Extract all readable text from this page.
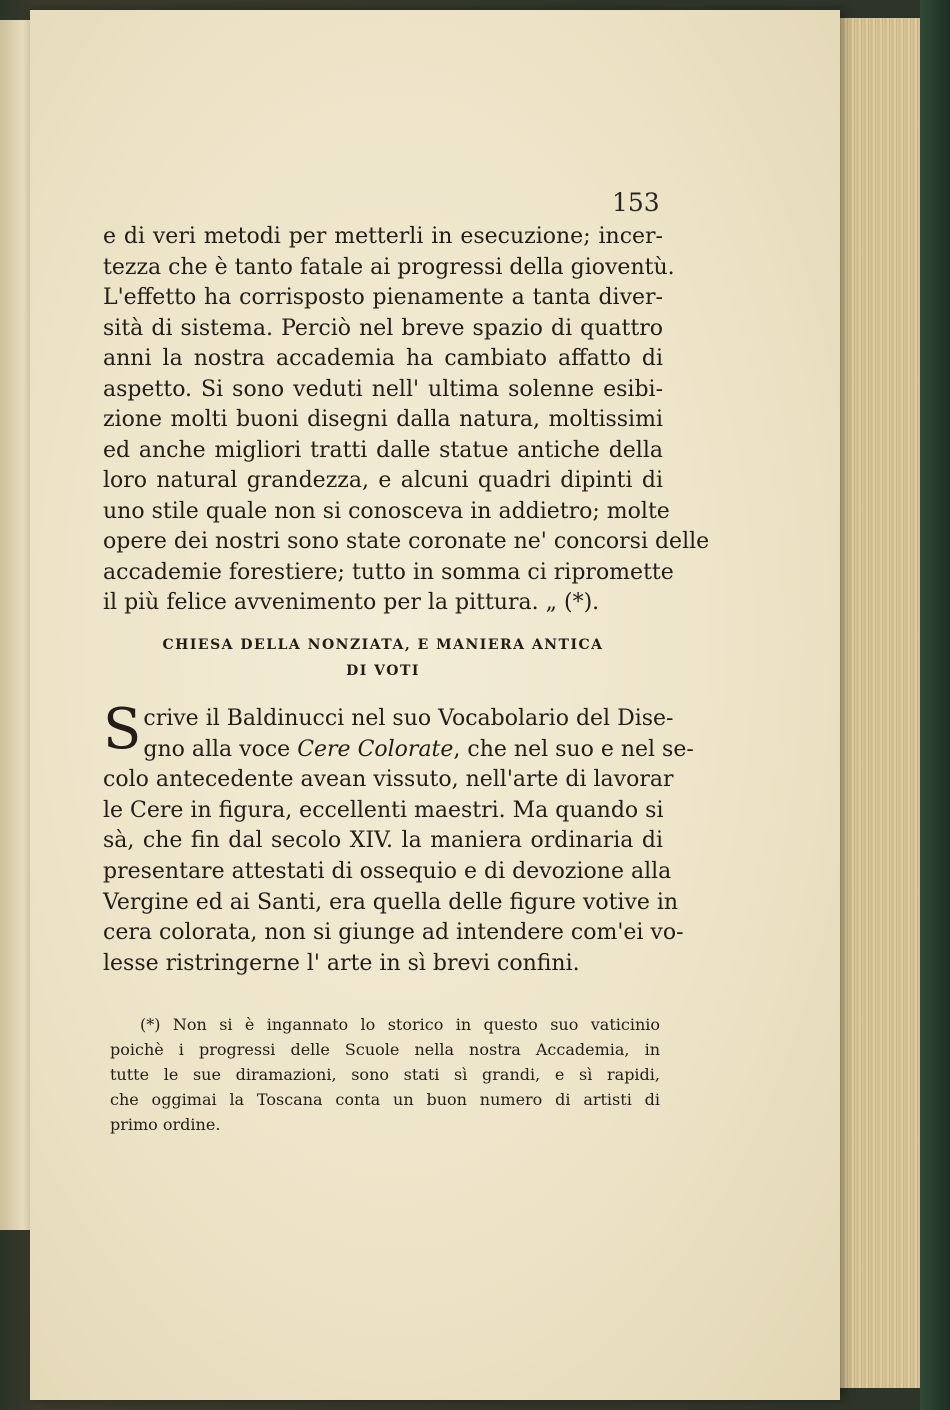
153
e di veri metodi per metterli in esecuzione; incer-
tezza che è tanto fatale ai progressi della gioventù.
L'effetto ha corrisposto pienamente a tanta diver-
sità di sistema. Perciò nel breve spazio di quattro
anni la nostra accademia ha cambiato affatto di
aspetto. Si sono veduti nell' ultima solenne esibi-
zione molti buoni disegni dalla natura, moltissimi
ed anche migliori tratti dalle statue antiche della
loro natural grandezza, e alcuni quadri dipinti di
uno stile quale non si conosceva in addietro; molte
opere dei nostri sono state coronate ne' concorsi delle
accademie forestiere; tutto in somma ci ripromette
il più felice avvenimento per la pittura. „ (*).
CHIESA DELLA NONZIATA, E MANIERA ANTICA
DI VOTI
S crive il Baldinucci nel suo Vocabolario del Dise-
gno alla voce Cere Colorate, che nel suo e nel se-
colo antecedente avean vissuto, nell'arte di lavorar
le Cere in figura, eccellenti maestri. Ma quando si
sà, che fin dal secolo XIV. la maniera ordinaria di
presentare attestati di ossequio e di devozione alla
Vergine ed ai Santi, era quella delle figure votive in
cera colorata, non si giunge ad intendere com'ei vo-
lesse ristringerne l' arte in sì brevi confini.
(*) Non si è ingannato lo storico in questo suo vaticinio
poichè i progressi delle Scuole nella nostra Accademia, in
tutte le sue diramazioni, sono stati sì grandi, e sì rapidi,
che oggimai la Toscana conta un buon numero di artisti di
primo ordine.
